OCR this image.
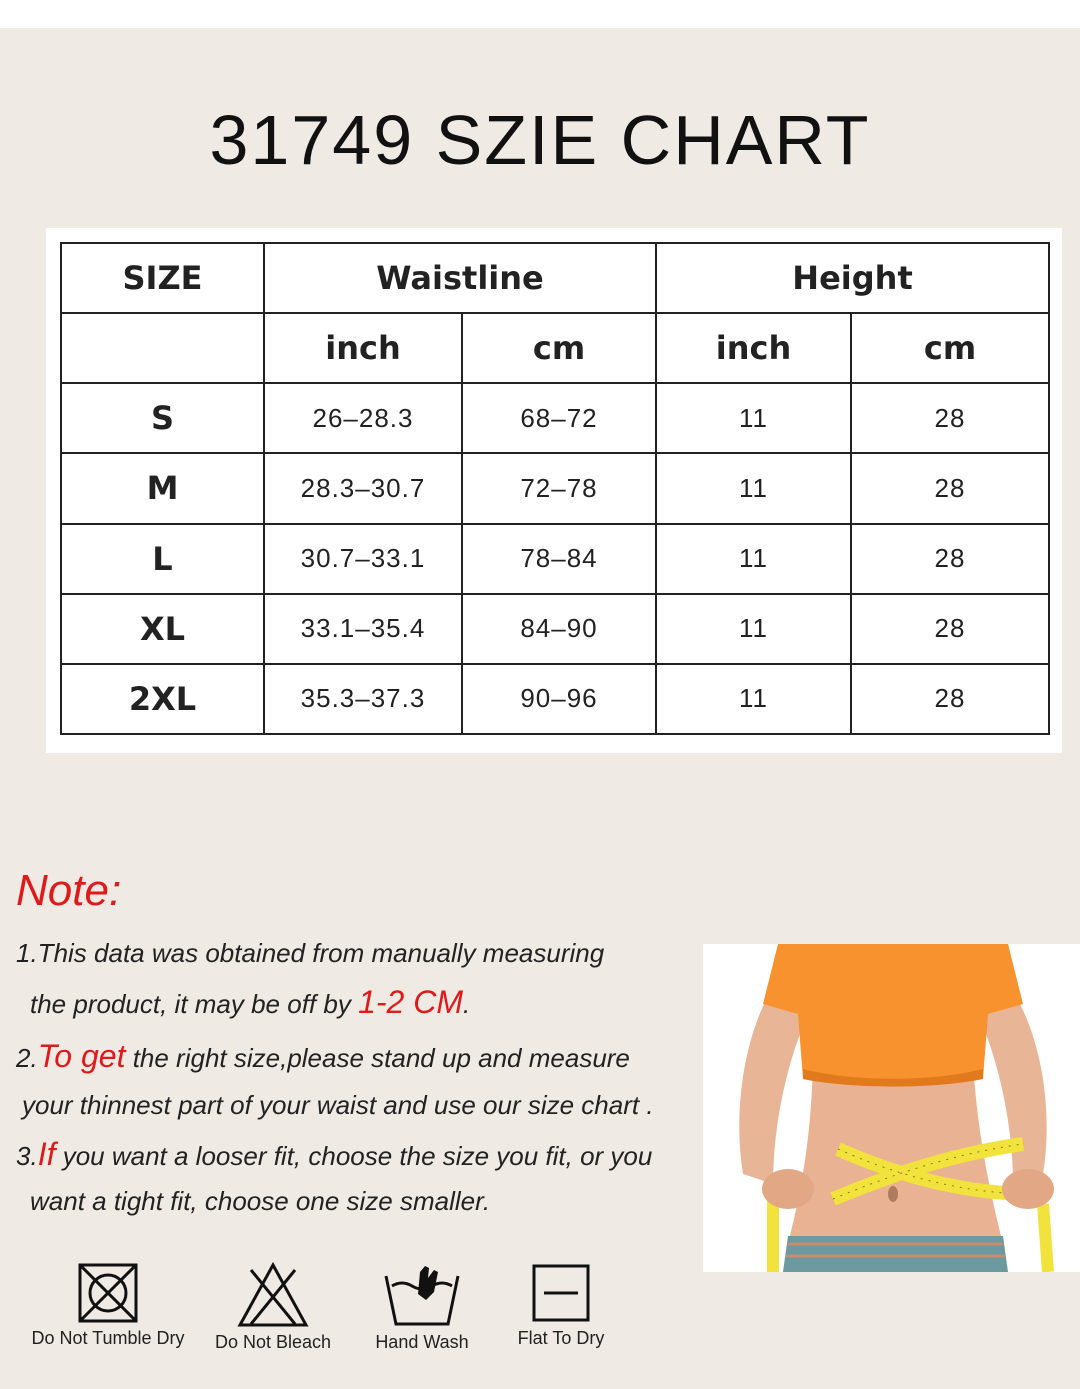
31749 SZIE CHART
SIZE	Waistline		Height	
	inch	cm	inch	cm
S	26–28.3	68–72	11	28
M	28.3–30.7	72–78	11	28
L	30.7–33.1	78–84	11	28
XL	33.1–35.4	84–90	11	28
2XL	35.3–37.3	90–96	11	28
Note:
1.This data was obtained from manually measuring
the product, it may be off by 1-2 CM.
2.To get the right size,please stand up and measure
your thinnest part of your waist and use our size chart .
3.If you want a looser fit, choose the size you fit, or you
want a tight fit, choose one size smaller.
Do Not Tumble Dry	Do Not Bleach	Hand Wash	Flat To Dry
